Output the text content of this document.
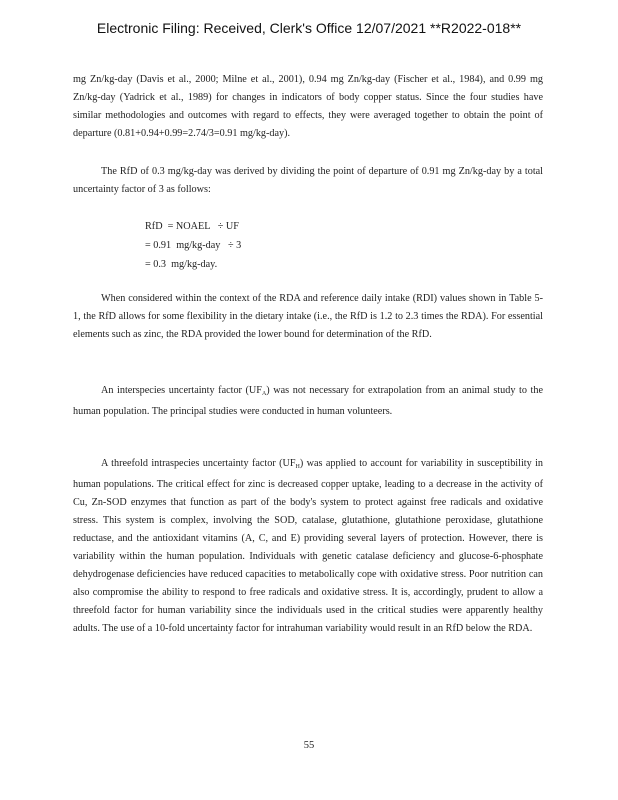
Electronic Filing: Received, Clerk's Office 12/07/2021 **R2022-018**

mg Zn/kg-day (Davis et al., 2000; Milne et al., 2001), 0.94 mg Zn/kg-day (Fischer et al., 1984), and 0.99 mg Zn/kg-day (Yadrick et al., 1989) for changes in indicators of body copper status. Since the four studies have similar methodologies and outcomes with regard to effects, they were averaged together to obtain the point of departure (0.81+0.94+0.99=2.74/3=0.91 mg/kg-day).

The RfD of 0.3 mg/kg-day was derived by dividing the point of departure of 0.91 mg Zn/kg-day by a total uncertainty factor of 3 as follows:

RfD  = NOAEL   ÷ UF
= 0.91  mg/kg-day   ÷ 3
= 0.3  mg/kg-day.

When considered within the context of the RDA and reference daily intake (RDI) values shown in Table 5-1, the RfD allows for some flexibility in the dietary intake (i.e., the RfD is 1.2 to 2.3 times the RDA). For essential elements such as zinc, the RDA provided the lower bound for determination of the RfD.

An interspecies uncertainty factor $(UF_A)$ was not necessary for extrapolation from an animal study to the human population. The principal studies were conducted in human volunteers.

A threefold intraspecies uncertainty factor $(UF_H)$ was applied to account for variability in susceptibility in human populations. The critical effect for zinc is decreased copper uptake, leading to a decrease in the activity of Cu, Zn-SOD enzymes that function as part of the body's system to protect against free radicals and oxidative stress. This system is complex, involving the SOD, catalase, glutathione, glutathione peroxidase, glutathione reductase, and the antioxidant vitamins (A, C, and E) providing several layers of protection. However, there is variability within the human population. Individuals with genetic catalase deficiency and glucose-6-phosphate dehydrogenase deficiencies have reduced capacities to metabolically cope with oxidative stress. Poor nutrition can also compromise the ability to respond to free radicals and oxidative stress. It is, accordingly, prudent to allow a threefold factor for human variability since the individuals used in the critical studies were apparently healthy adults. The use of a 10-fold uncertainty factor for intrahuman variability would result in an RfD below the RDA.

55
